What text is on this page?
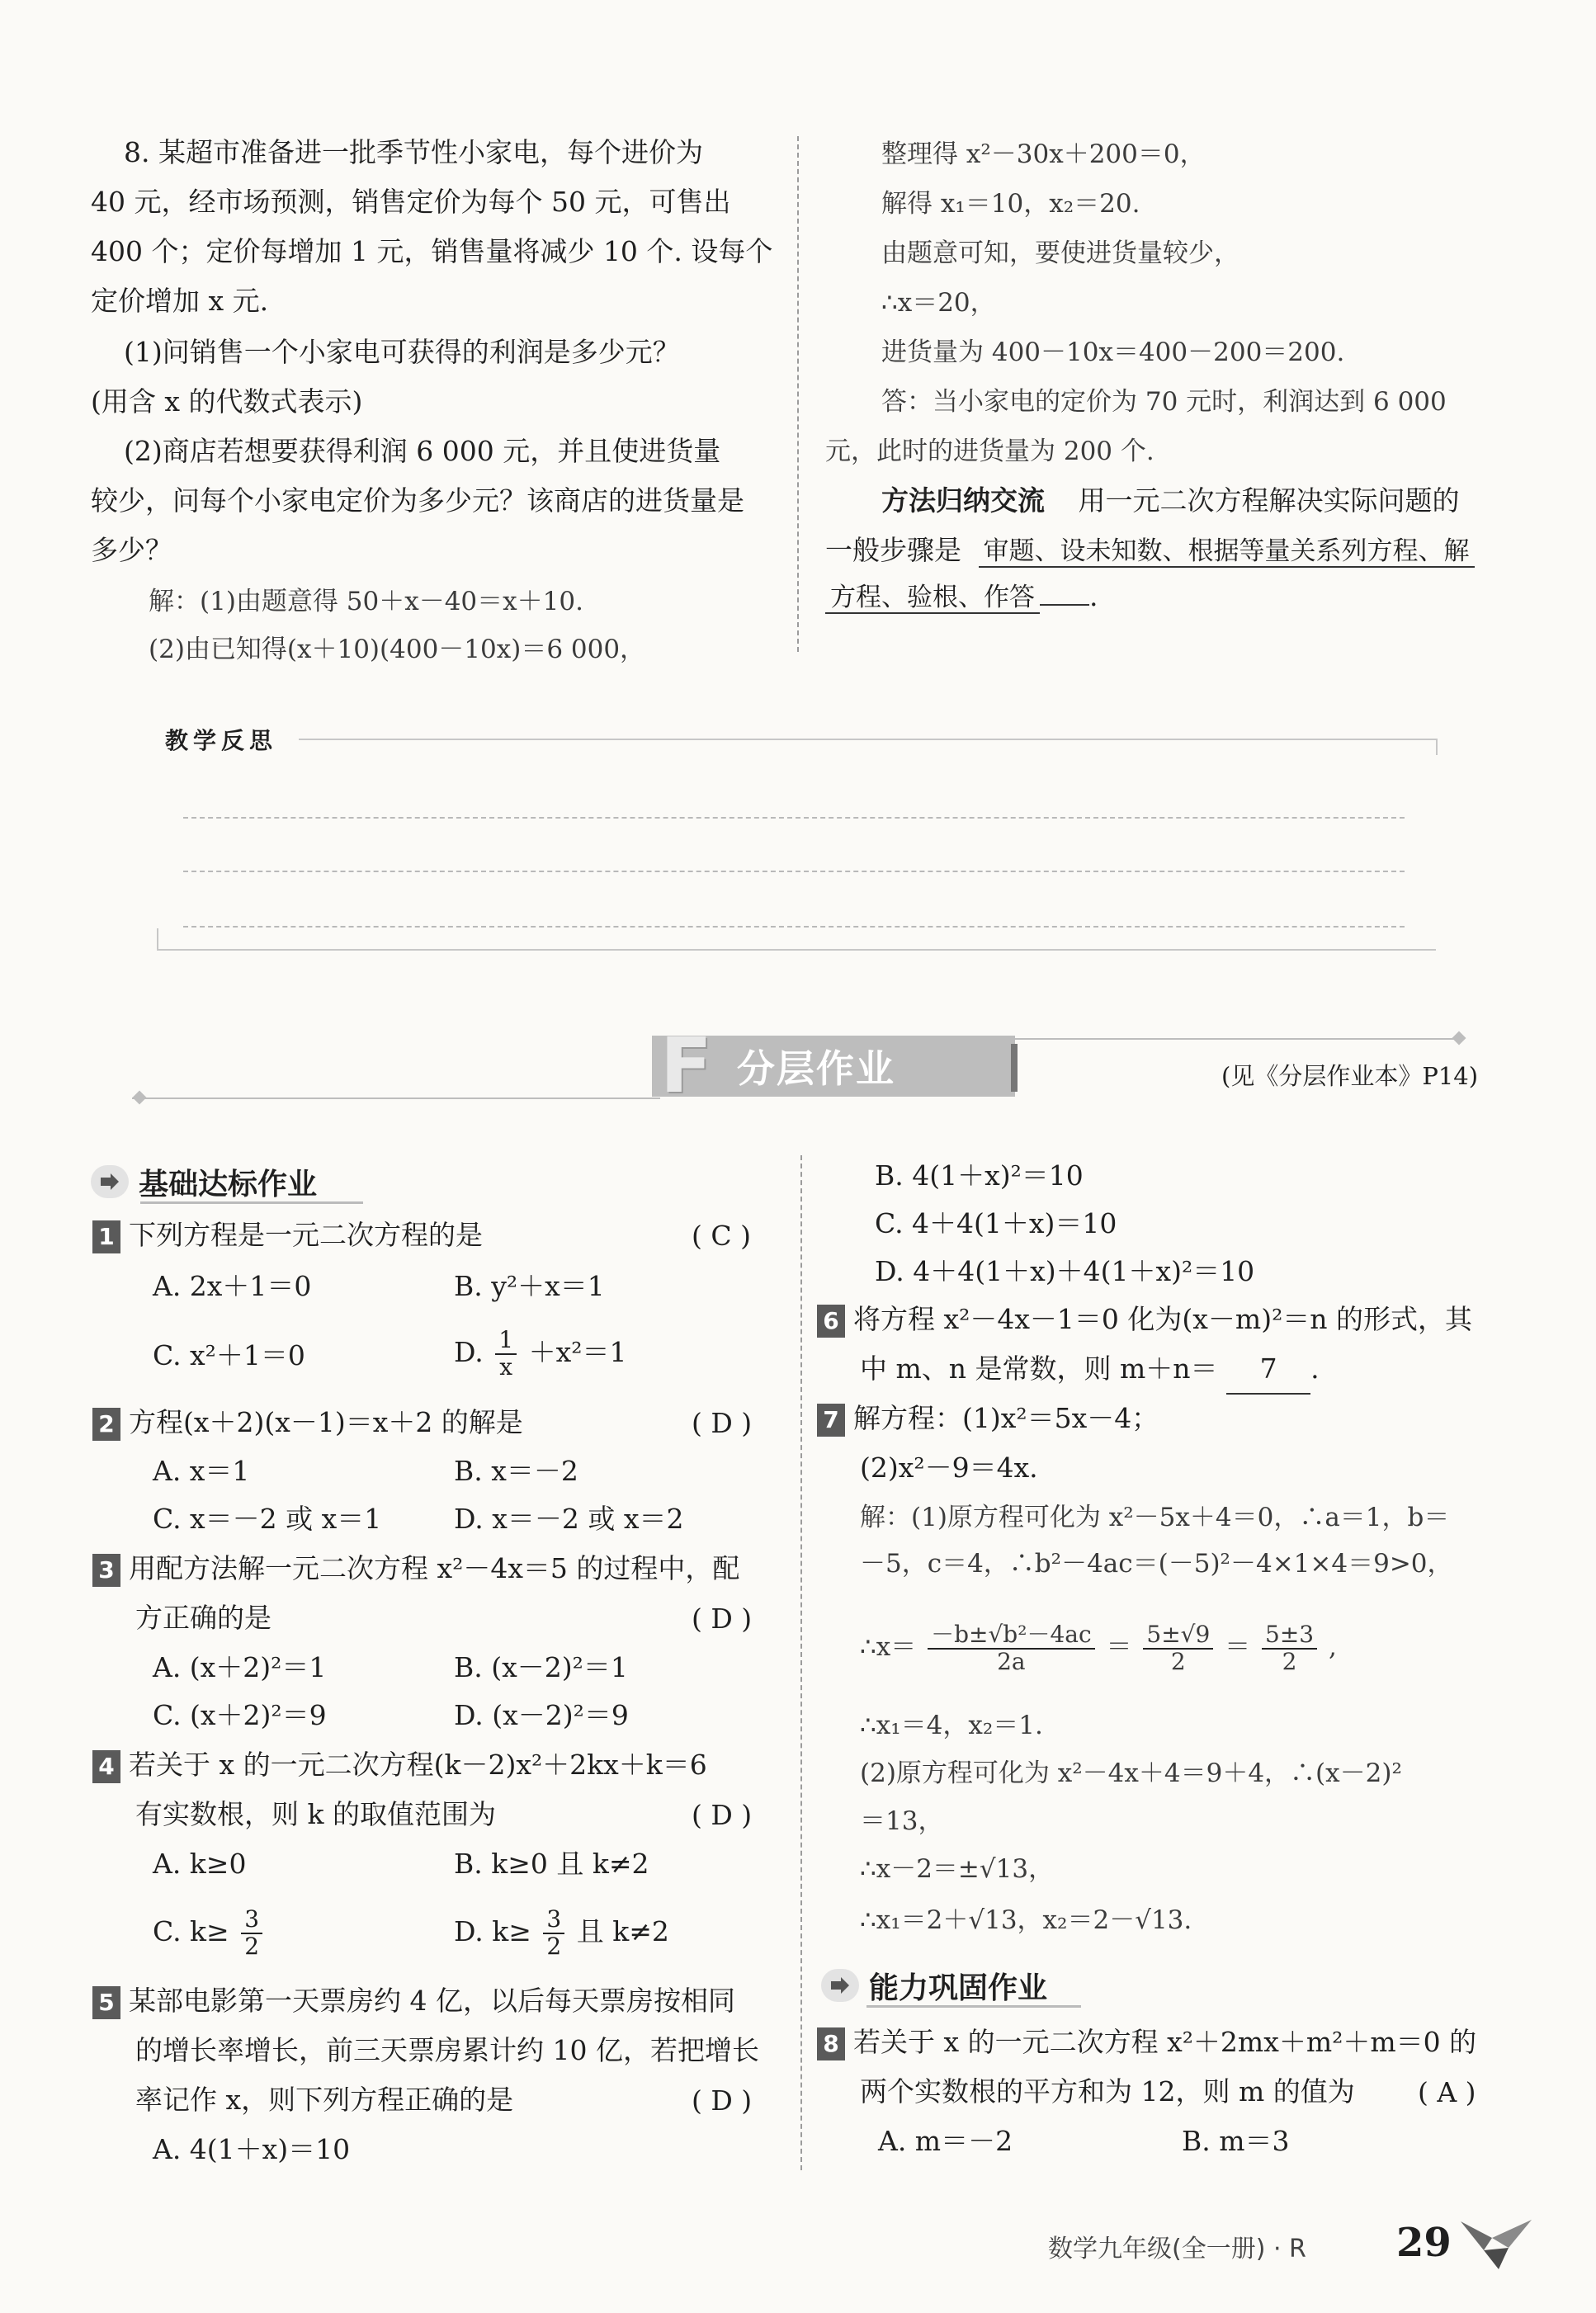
8. 某超市准备进一批季节性小家电，每个进价为
40 元，经市场预测，销售定价为每个 50 元，可售出
400 个；定价每增加 1 元，销售量将减少 10 个. 设每个
定价增加 x 元.
(1)问销售一个小家电可获得的利润是多少元？
(用含 x 的代数式表示)
(2)商店若想要获得利润 6 000 元，并且使进货量
较少，问每个小家电定价为多少元？该商店的进货量是
多少？
解：(1)由题意得 50＋x－40＝x＋10.
(2)由已知得(x＋10)(400－10x)＝6 000，
整理得 x²－30x＋200＝0，
解得 x₁＝10，x₂＝20.
由题意可知，要使进货量较少，
∴x＝20，
进货量为 400－10x＝400－200＝200.
答：当小家电的定价为 70 元时，利润达到 6 000
元，此时的进货量为 200 个.
方法归纳交流 用一元二次方程解决实际问题的
一般步骤是 审题、设未知数、根据等量关系列方程、解
方程、验根、作答 .
教学反思
F 分层作业	(见《分层作业本》P14)
基础达标作业
1 下列方程是一元二次方程的是	( C )
A. 2x＋1＝0	B. y²＋x＝1
C. x²＋1＝0	D. $\frac{1}{x} +x^2=1$
2 方程(x＋2)(x－1)＝x＋2 的解是	( D )
A. x＝1	B. x＝－2
C. x＝－2 或 x＝1	D. x＝－2 或 x＝2
3 用配方法解一元二次方程 x²－4x＝5 的过程中，配
方正确的是	( D )
A. (x＋2)²＝1	B. (x－2)²＝1
C. (x＋2)²＝9	D. (x－2)²＝9
4 若关于 x 的一元二次方程(k－2)x²＋2kx＋k＝6
有实数根，则 k 的取值范围为	( D )
A. k≥0	B. k≥0 且 k≠2
C. $k\ge \frac{3}{2}$	D. $k\ge \frac{3}{2}$ 且 k≠2
5 某部电影第一天票房约 4 亿，以后每天票房按相同
的增长率增长，前三天票房累计约 10 亿，若把增长
率记作 x，则下列方程正确的是	( D )
A. 4(1＋x)＝10
B. 4(1＋x)²＝10
C. 4＋4(1＋x)＝10
D. 4＋4(1＋x)＋4(1＋x)²＝10
6 将方程 x²－4x－1＝0 化为(x－m)²＝n 的形式，其
中 m、n 是常数，则 m＋n＝ 7 .
7 解方程：(1)x²＝5x－4；
(2)x²－9＝4x.
解：(1)原方程可化为 x²－5x＋4＝0，∴a＝1，b＝
－5，c＝4，∴b²－4ac＝(－5)²－4×1×4＝9>0，
∴x＝ $\frac{\text{－b±√b²－4ac}}{2a} = \frac{5\pm√9}{2} = \frac{5\pm 3}{2}$ ,
∴x₁＝4，x₂＝1.
(2)原方程可化为 x²－4x＋4＝9＋4，∴(x－2)²
＝13，
∴x－2＝±√13，
∴x₁＝2＋√13，x₂＝2－√13.
能力巩固作业
8 若关于 x 的一元二次方程 x²＋2mx＋m²＋m＝0 的
两个实数根的平方和为 12，则 m 的值为 ( A )
A. m＝－2	B. m＝3
数学九年级(全一册) · R 29
